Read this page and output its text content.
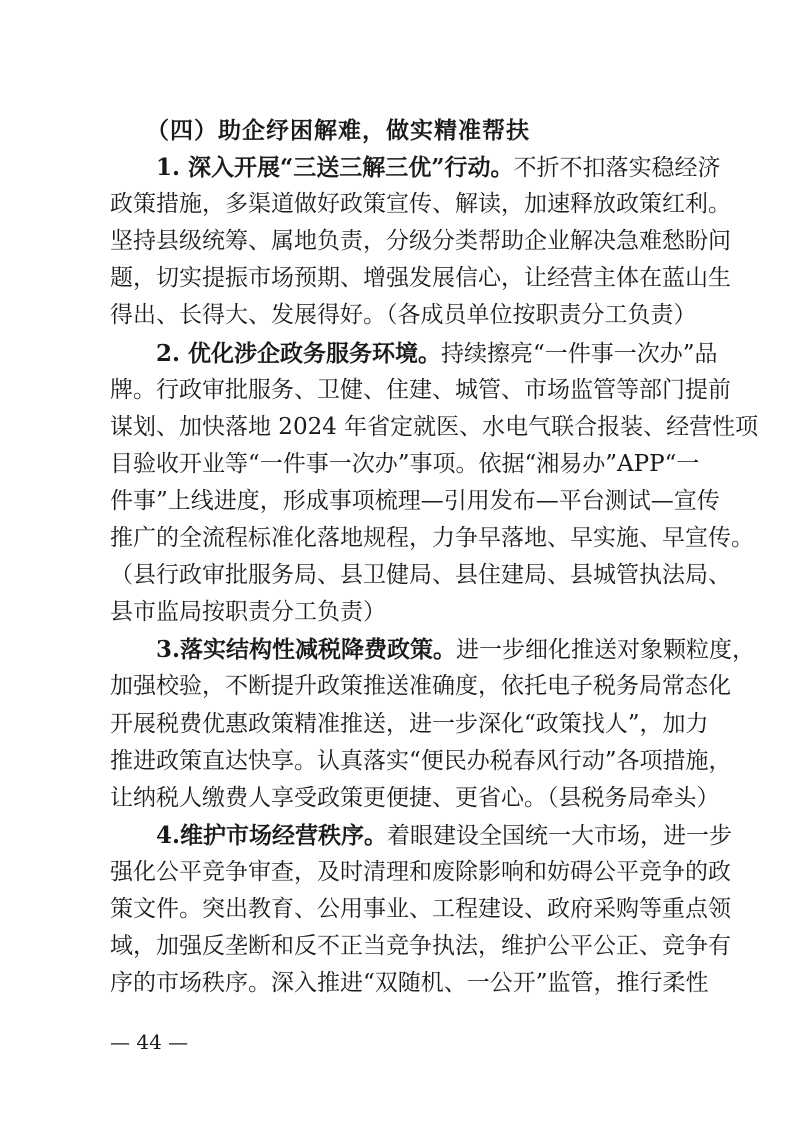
（四）助企纾困解难，做实精准帮扶
1. 深入开展“三送三解三优”行动。不折不扣落实稳经济
政策措施，多渠道做好政策宣传、解读，加速释放政策红利。
坚持县级统筹、属地负责，分级分类帮助企业解决急难愁盼问
题，切实提振市场预期、增强发展信心，让经营主体在蓝山生
得出、长得大、发展得好。（各成员单位按职责分工负责）
2. 优化涉企政务服务环境。持续擦亮“一件事一次办”品
牌。行政审批服务、卫健、住建、城管、市场监管等部门提前
谋划、加快落地 2024 年省定就医、水电气联合报装、经营性项
目验收开业等“一件事一次办”事项。依据“湘易办”APP“一
件事”上线进度，形成事项梳理—引用发布—平台测试—宣传
推广的全流程标准化落地规程，力争早落地、早实施、早宣传。
（县行政审批服务局、县卫健局、县住建局、县城管执法局、
县市监局按职责分工负责）
3.落实结构性减税降费政策。进一步细化推送对象颗粒度，
加强校验，不断提升政策推送准确度，依托电子税务局常态化
开展税费优惠政策精准推送，进一步深化“政策找人”，加力
推进政策直达快享。认真落实“便民办税春风行动”各项措施，
让纳税人缴费人享受政策更便捷、更省心。（县税务局牵头）
4.维护市场经营秩序。着眼建设全国统一大市场，进一步
强化公平竞争审查，及时清理和废除影响和妨碍公平竞争的政
策文件。突出教育、公用事业、工程建设、政府采购等重点领
域，加强反垄断和反不正当竞争执法，维护公平公正、竞争有
序的市场秩序。深入推进“双随机、一公开”监管，推行柔性
— 44 —
